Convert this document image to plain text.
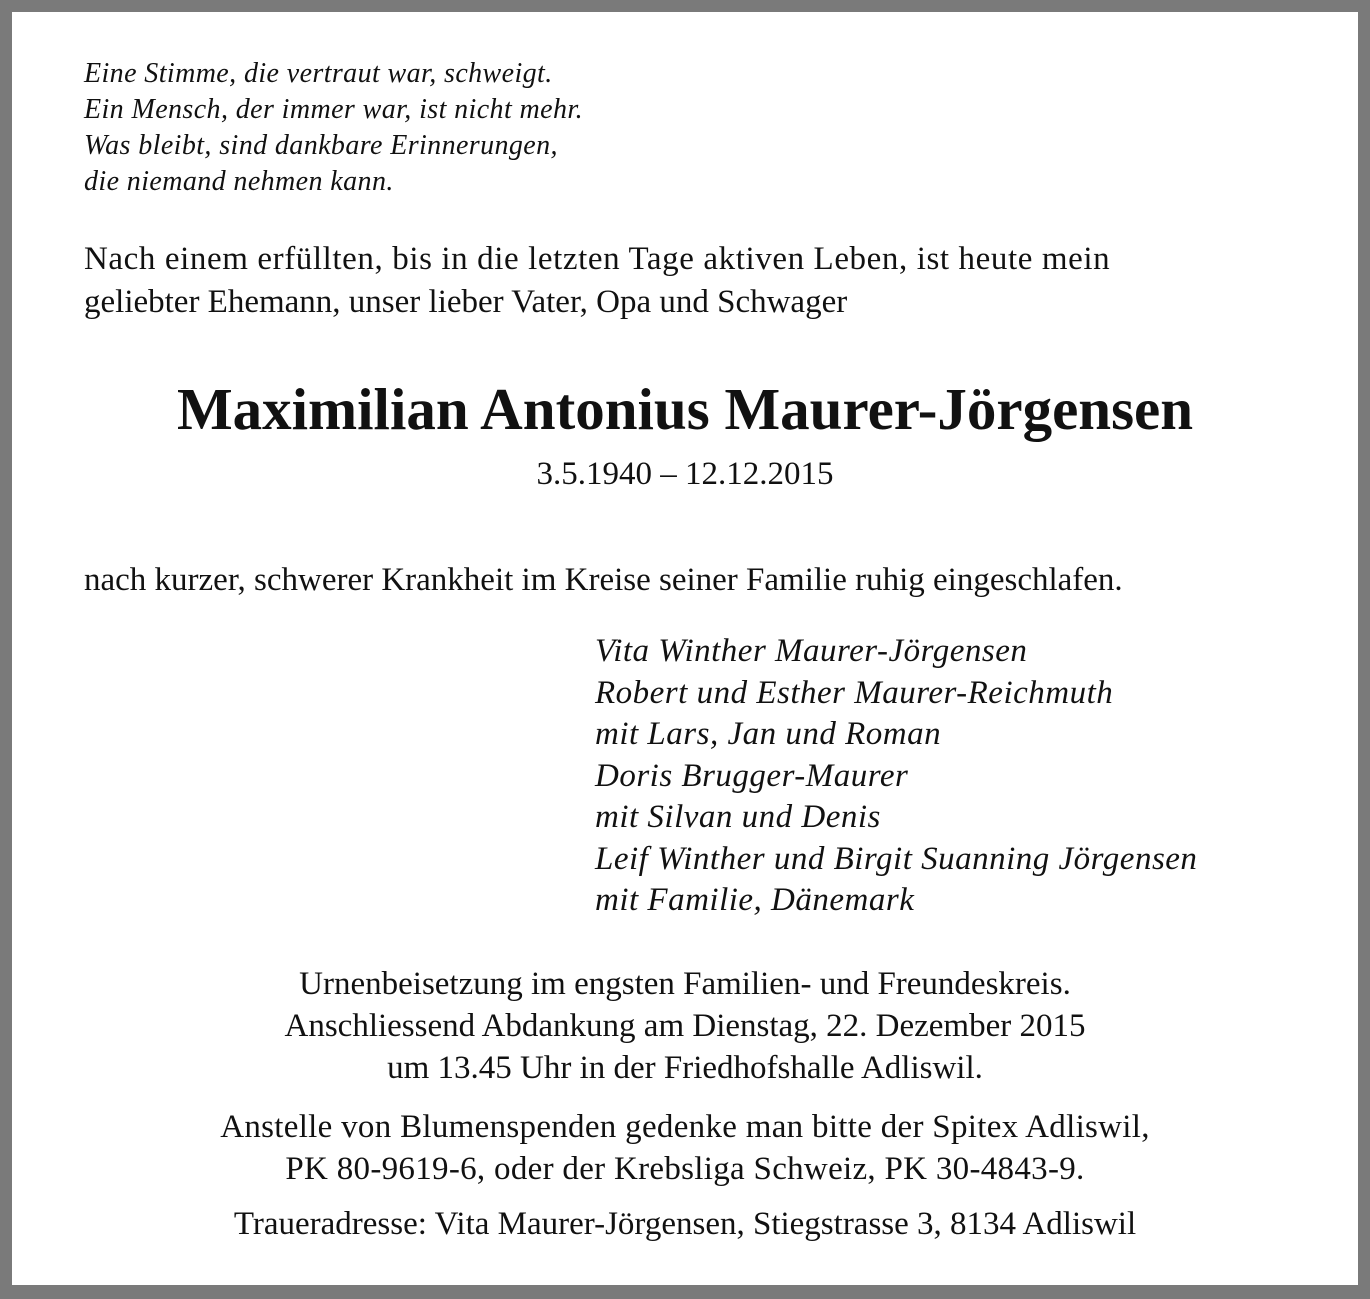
Eine Stimme, die vertraut war, schweigt.
Ein Mensch, der immer war, ist nicht mehr.
Was bleibt, sind dankbare Erinnerungen,
die niemand nehmen kann.
Nach einem erfüllten, bis in die letzten Tage aktiven Leben, ist heute mein
geliebter Ehemann, unser lieber Vater, Opa und Schwager
Maximilian Antonius Maurer-Jörgensen
3.5.1940 – 12.12.2015
nach kurzer, schwerer Krankheit im Kreise seiner Familie ruhig eingeschlafen.
Vita Winther Maurer-Jörgensen
Robert und Esther Maurer-Reichmuth
mit Lars, Jan und Roman
Doris Brugger-Maurer
mit Silvan und Denis
Leif Winther und Birgit Suanning Jörgensen
mit Familie, Dänemark
Urnenbeisetzung im engsten Familien- und Freundeskreis.
Anschliessend Abdankung am Dienstag, 22. Dezember 2015
um 13.45 Uhr in der Friedhofshalle Adliswil.
Anstelle von Blumenspenden gedenke man bitte der Spitex Adliswil,
PK 80-9619-6, oder der Krebsliga Schweiz, PK 30-4843-9.
Traueradresse: Vita Maurer-Jörgensen, Stiegstrasse 3, 8134 Adliswil
